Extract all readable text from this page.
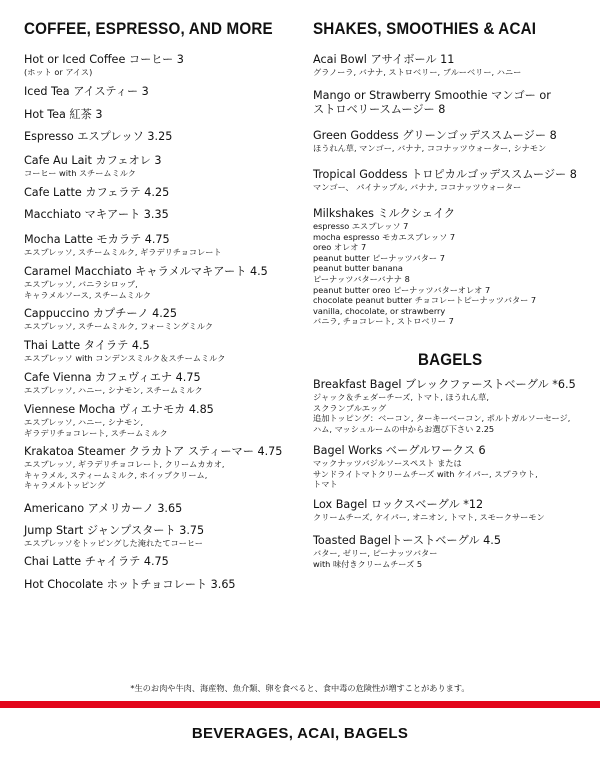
COFFEE, ESPRESSO, AND MORE
Hot or Iced Coffee コーヒー 3
(ホット or アイス)
Iced Tea アイスティー 3
Hot Tea 紅茶 3
Espresso エスプレッソ 3.25
Cafe Au Lait カフェオレ 3
コーヒー with スチームミルク
Cafe Latte カフェラテ 4.25
Macchiato マキアート 3.35
Mocha Latte モカラテ 4.75
エスプレッソ, スチームミルク, ギラデリチョコレート
Caramel Macchiato キャラメルマキアート 4.5
エスプレッソ, バニラシロップ,
キャラメルソース, スチームミルク
Cappuccino カプチーノ 4.25
エスプレッソ, スチームミルク, フォーミングミルク
Thai Latte タイラテ 4.5
エスプレッソ with コンデンスミルク＆スチームミルク
Cafe Vienna カフェヴィエナ 4.75
エスプレッソ, ハニー, シナモン, スチームミルク
Viennese Mocha ヴィエナモカ 4.85
エスプレッソ, ハニー, シナモン,
ギラデリチョコレート, スチームミルク
Krakatoa Steamer クラカトア スティーマー 4.75
エスプレッソ, ギラデリチョコレート, クリームカカオ,
キャラメル, スティームミルク, ホイップクリーム,
キャラメルトッピング
Americano アメリカーノ 3.65
Jump Start ジャンプスタート 3.75
エスプレッソをトッピングした淹れたてコーヒー
Chai Latte チャイラテ 4.75
Hot Chocolate ホットチョコレート 3.65
SHAKES, SMOOTHIES & ACAI
Acai Bowl アサイボール 11
グラノーラ, バナナ, ストロベリー, ブルーベリー, ハニー
Mango or Strawberry Smoothie マンゴー or
ストロベリースムージー 8
Green Goddess グリーンゴッデススムージー 8
ほうれん草, マンゴー, バナナ, ココナッツウォーター, シナモン
Tropical Goddess トロピカルゴッデススムージー 8
マンゴー、 パイナップル, バナナ, ココナッツウォーター
Milkshakes ミルクシェイク
espresso エスプレッソ 7
mocha espresso モカエスプレッソ 7
oreo オレオ 7
peanut butter ピーナッツバター 7
peanut butter banana
ピーナッツバターバナナ 8
peanut butter oreo ピーナッツバターオレオ 7
chocolate peanut butter チョコレートピーナッツバター 7
vanilla, chocolate, or strawberry
バニラ, チョコレート, ストロベリー 7
BAGELS
Breakfast Bagel ブレックファーストベーグル *6.5
ジャック＆チェダーチーズ, トマト, ほうれん草,
スクランブルエッグ
追加トッピング：ベーコン, ターキーベーコン, ポルトガルソーセージ,
ハム, マッシュルームの中からお選び下さい 2.25
Bagel Works ベーグルワークス 6
マックナッツバジルソースペスト または
サンドライトマトクリームチーズ with ケイパー, スプラウト,
トマト
Lox Bagel ロックスベーグル *12
クリームチーズ, ケイパー, オニオン, トマト, スモークサーモン
Toasted Bagelトーストベーグル 4.5
バター, ゼリー, ピーナッツバター
with 味付きクリームチーズ 5
*生のお肉や牛肉、海産物、魚介類、卵を食べると、食中毒の危険性が増すことがあります。
BEVERAGES, ACAI, BAGELS
